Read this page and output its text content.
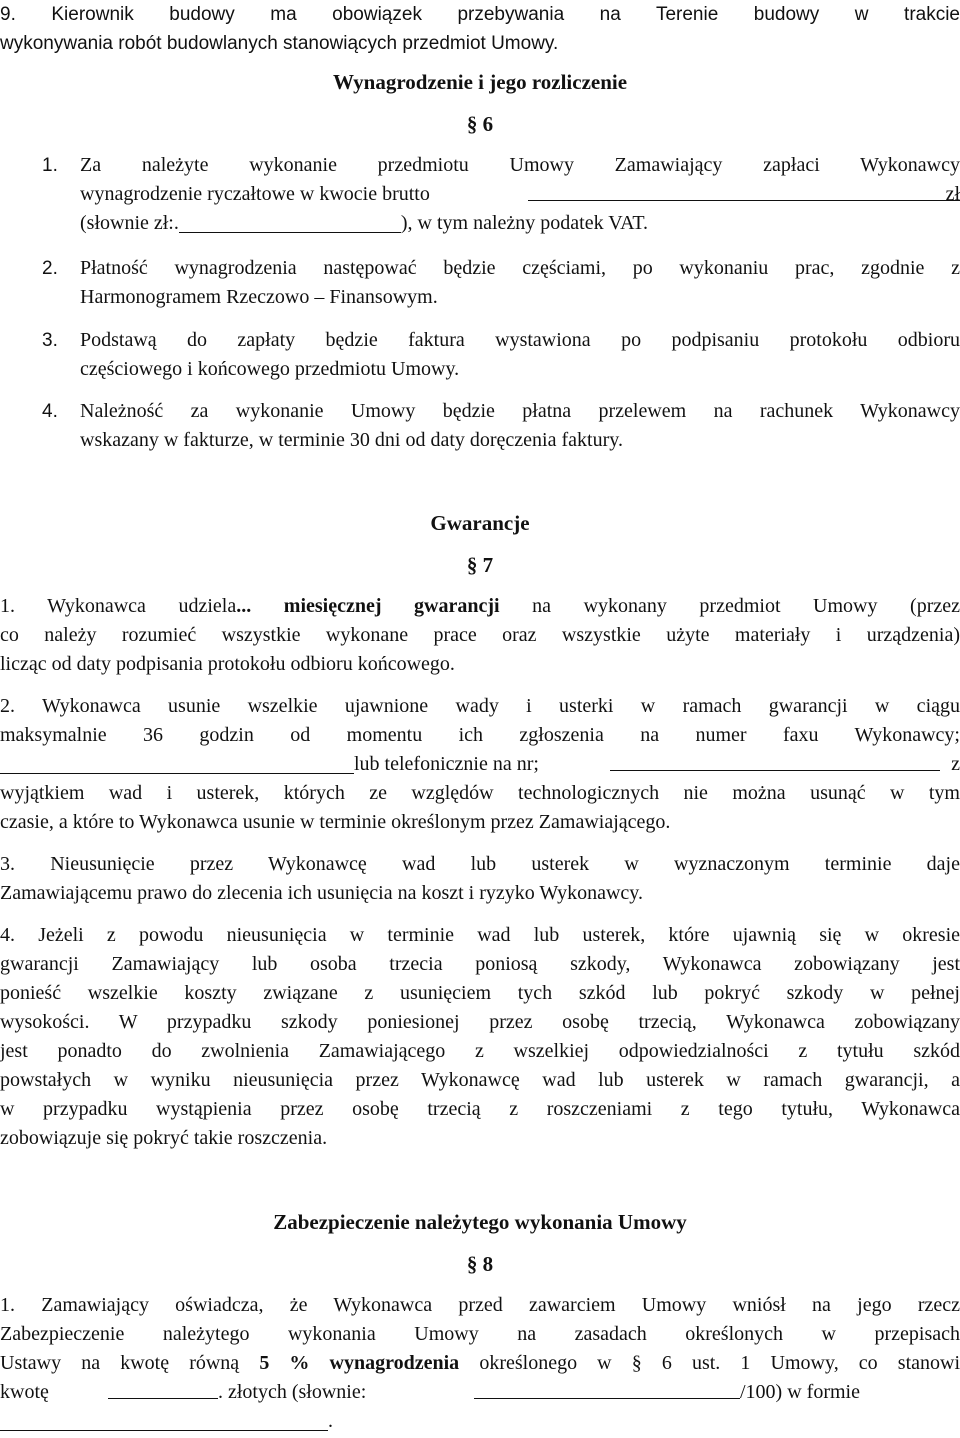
9. Kierownik budowy ma obowiązek przebywania na Terenie budowy w trakcie
wykonywania robót budowlanych stanowiących przedmiot Umowy.
Wynagrodzenie i jego rozliczenie
§ 6
1. Za należyte wykonanie przedmiotu Umowy Zamawiający zapłaci Wykonawcy
wynagrodzenie ryczałtowe w kwocie brutto	zł
(słownie zł:.	), w tym należny podatek VAT.
2. Płatność wynagrodzenia następować będzie częściami, po wykonaniu prac, zgodnie z
Harmonogramem Rzeczowo – Finansowym.
3. Podstawą do zapłaty będzie faktura wystawiona po podpisaniu protokołu odbioru
częściowego i końcowego przedmiotu Umowy.
4. Należność za wykonanie Umowy będzie płatna przelewem na rachunek Wykonawcy
wskazany w fakturze, w terminie 30 dni od daty doręczenia faktury.
Gwarancje
§ 7
1. Wykonawca udziela... miesięcznej gwarancji na wykonany przedmiot Umowy (przez
co należy rozumieć wszystkie wykonane prace oraz wszystkie użyte materiały i urządzenia)
licząc od daty podpisania protokołu odbioru końcowego.
2. Wykonawca usunie wszelkie ujawnione wady i usterki w ramach gwarancji w ciągu
maksymalnie 36 godzin od momentu ich zgłoszenia na numer faxu Wykonawcy;
lub telefonicznie na nr;	z
wyjątkiem wad i usterek, których ze względów technologicznych nie można usunąć w tym
czasie, a które to Wykonawca usunie w terminie określonym przez Zamawiającego.
3. Nieusunięcie przez Wykonawcę wad lub usterek w wyznaczonym terminie daje
Zamawiającemu prawo do zlecenia ich usunięcia na koszt i ryzyko Wykonawcy.
4. Jeżeli z powodu nieusunięcia w terminie wad lub usterek, które ujawnią się w okresie
gwarancji Zamawiający lub osoba trzecia poniosą szkody, Wykonawca zobowiązany jest
ponieść wszelkie koszty związane z usunięciem tych szkód lub pokryć szkody w pełnej
wysokości. W przypadku szkody poniesionej przez osobę trzecią, Wykonawca zobowiązany
jest ponadto do zwolnienia Zamawiającego z wszelkiej odpowiedzialności z tytułu szkód
powstałych w wyniku nieusunięcia przez Wykonawcę wad lub usterek w ramach gwarancji, a
w przypadku wystąpienia przez osobę trzecią z roszczeniami z tego tytułu, Wykonawca
zobowiązuje się pokryć takie roszczenia.
Zabezpieczenie należytego wykonania Umowy
§ 8
1. Zamawiający oświadcza, że Wykonawca przed zawarciem Umowy wniósł na jego rzecz
Zabezpieczenie należytego wykonania Umowy na zasadach określonych w przepisach
Ustawy na kwotę równą 5 % wynagrodzenia określonego w § 6 ust. 1 Umowy, co stanowi
kwotę	. złotych (słownie:	/100) w formie
.
